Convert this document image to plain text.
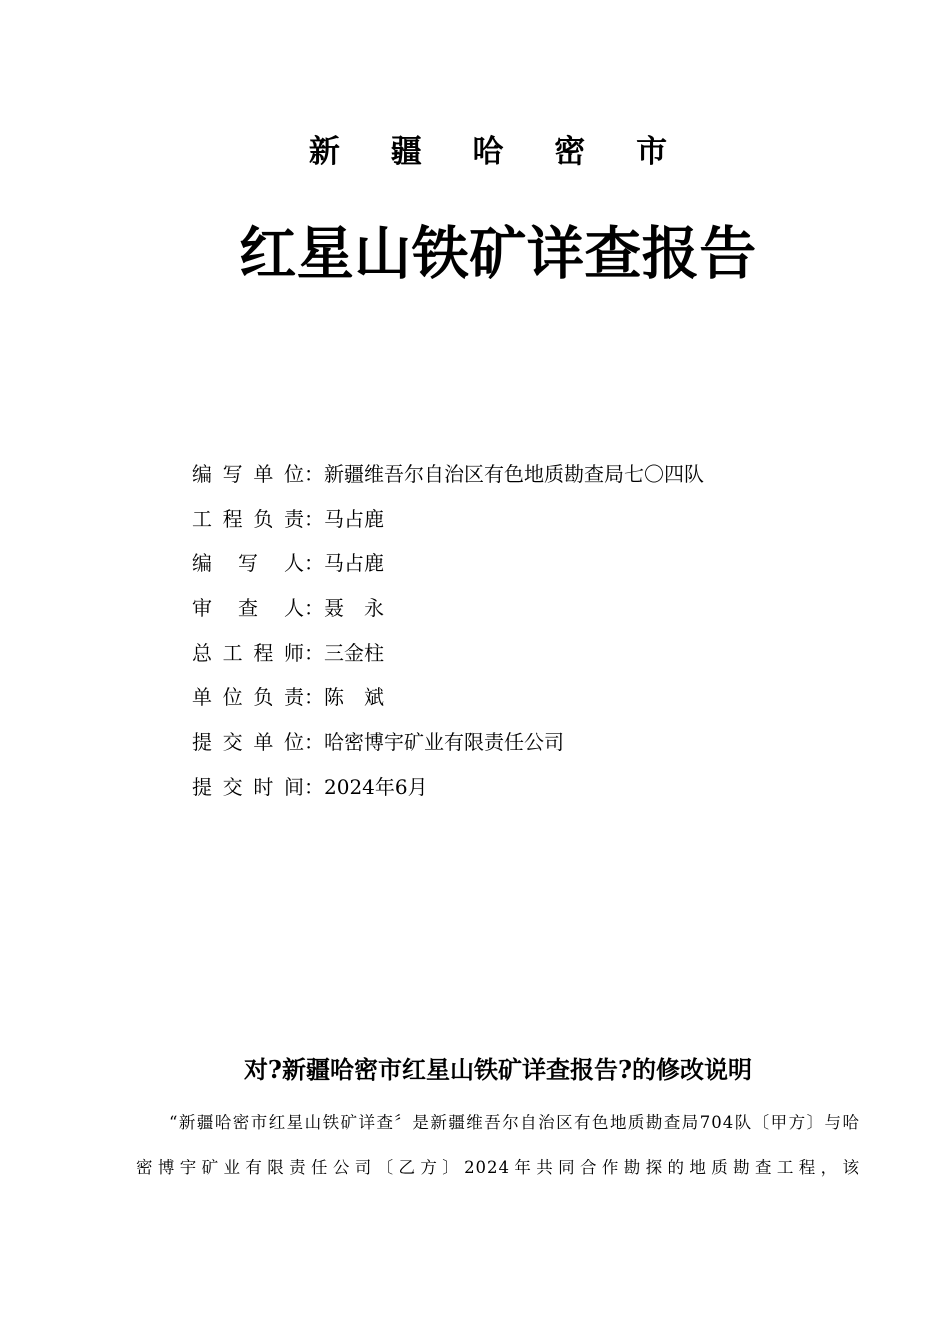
新 疆 哈 密 市
红星山铁矿详查报告
编写单位：新疆维吾尔自治区有色地质勘查局七〇四队
工程负责：马占鹿
编写人：马占鹿
审查人：聂　永
总工程师：三金柱
单位负责：陈　斌
提交单位：哈密博宇矿业有限责任公司
提交时间：2024年6月
对?新疆哈密市红星山铁矿详查报告?的修改说明
“新疆哈密市红星山铁矿详查〞是新疆维吾尔自治区有色地质勘查局704队〔甲方〕与哈密博宇矿业有限责任公司〔乙方〕2024年共同合作勘探的地质勘查工程，该
